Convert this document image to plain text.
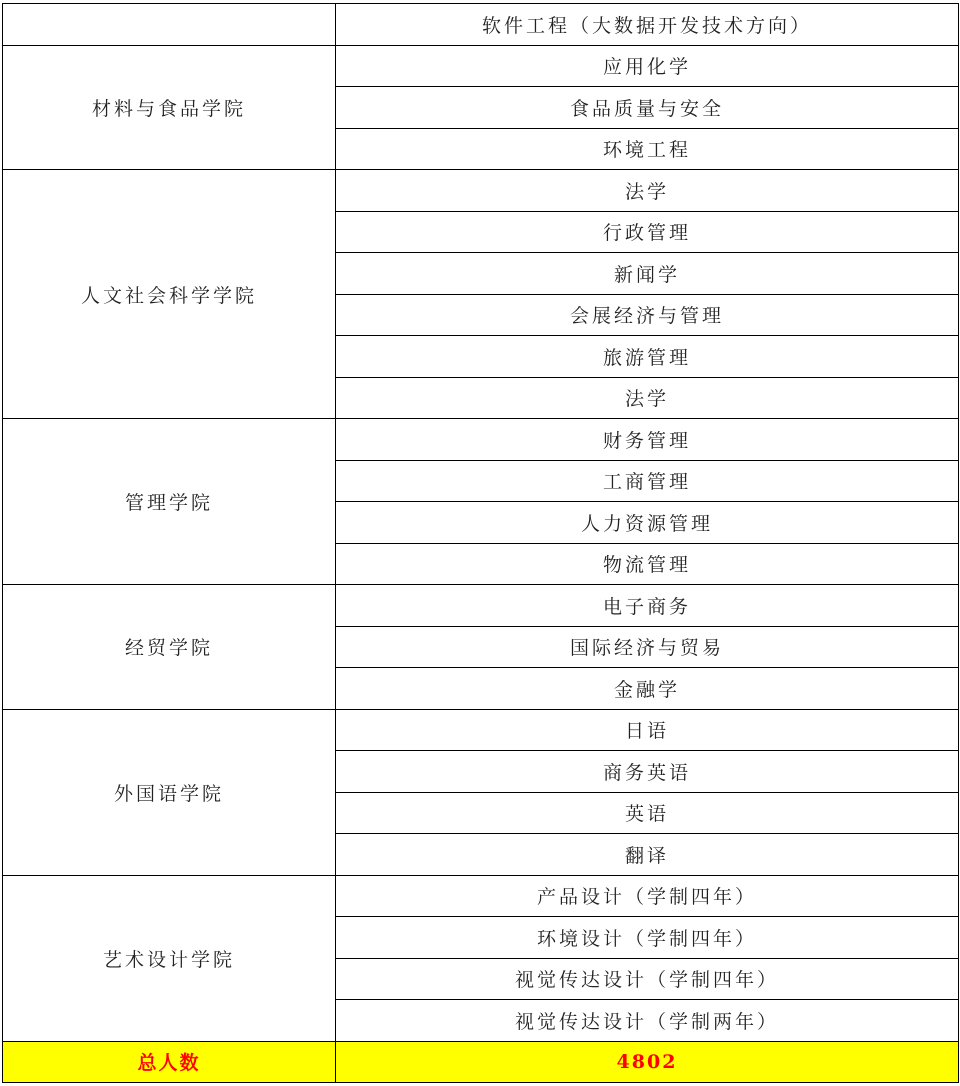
	软件工程（大数据开发技术方向）
材料与食品学院	应用化学
	食品质量与安全
	环境工程
人文社会科学学院	法学
	行政管理
	新闻学
	会展经济与管理
	旅游管理
	法学
管理学院	财务管理
	工商管理
	人力资源管理
	物流管理
经贸学院	电子商务
	国际经济与贸易
	金融学
外国语学院	日语
	商务英语
	英语
	翻译
艺术设计学院	产品设计（学制四年）
	环境设计（学制四年）
	视觉传达设计（学制四年）
	视觉传达设计（学制两年）
总人数	4802
